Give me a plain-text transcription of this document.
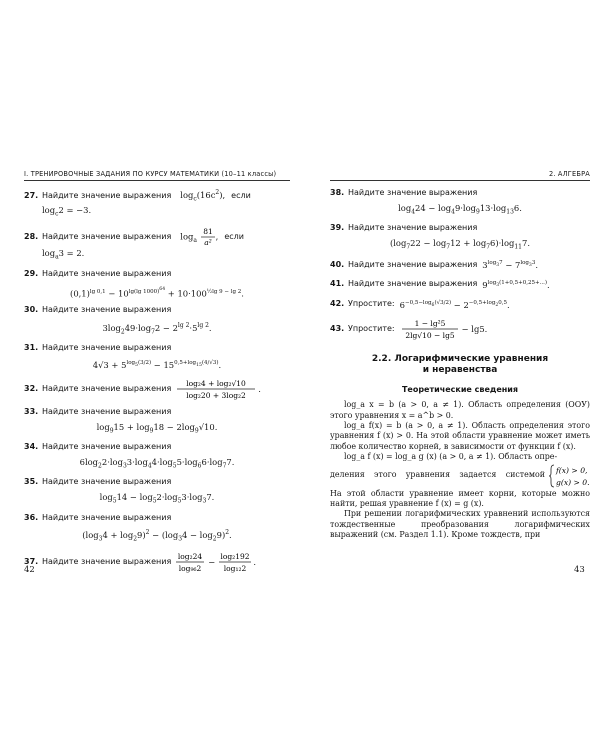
I. ТРЕНИРОВОЧНЫЕ ЗАДАНИЯ ПО КУРСУ МАТЕМАТИКИ (10–11 классы)
27. Найдите значение выражения $\log_c(16c^2)$, если
$\log_c2 = -3$.
28. Найдите значение выражения $\log_a$
81
a²
, если
$\log_a3 = 2$.
29. Найдите значение выражения
$(0,1)^{lg 0,1} - 10^{lg(lg 1000)^{64}} + 10\cdot 100^{\frac{1}{2}lg 9 - lg 2}$.
30. Найдите значение выражения
$3\log_249\cdot\log_72 - 2^{lg 2}\cdot 5^{lg 2}$.
31. Найдите значение выражения
$4√3 + 5^{log_5(3/2)} - 15^{0,5+log_{15}(4/√3)}$.
32. Найдите значение выражения
log₂4 + log₂√10
log₂20 + 3log₂2
.
33. Найдите значение выражения
$\log_915 + \log_918 - 2\log_9√10$.
34. Найдите значение выражения
$6\log_22\cdot\log_33\cdot\log_44\cdot\log_55\cdot\log_66\cdot\log_77$.
35. Найдите значение выражения
$\log_514 - \log_52\cdot\log_53\cdot\log_37$.
36. Найдите значение выражения
$(\log_34 + \log_29)^2 - (\log_34 - \log_29)^2$.
37. Найдите значение выражения
log₂24
log₉₆2
−
log₂192
log₁₂2
.
2. АЛГЕБРА
38. Найдите значение выражения
$\log_424 - \log_49\cdot\log_913\cdot\log_{13}6$.
39. Найдите значение выражения
$(\log_722 - \log_712 + \log_76)\cdot\log_{11}7$.
40. Найдите значение выражения $3^{log_37} - 7^{log_33}$.
41. Найдите значение выражения $9^{log_3(1+0,5+0,25+...)}$.
42. Упростите: $6^{-0,5-log_6(√3/2)} - 2^{-0,5+log_20,5}$.
43. Упростите:
1 − lg²5
2lg√10 − lg5
− lg5.
2.2. Логарифмические уравнения
и неравенства
Теоретические сведения

log_a x = b (a > 0, a ≠ 1). Область определения (ООУ) этого уравнения x = a^b > 0.

log_a f(x) = b (a > 0, a ≠ 1). Область определения этого уравнения f (x) > 0. На этой области уравнение может иметь любое количество корней, в зависимости от функции f (x).

log_a f (x) = log_a g (x) (a > 0, a ≠ 1). Область опре-

деления этого уравнения задается системой
f(x) > 0,
g(x) > 0.

На этой области уравнение имеет корни, которые можно найти, решая уравнение f (x) = g (x).

При решении логарифмических уравнений используются тождественные преобразования логарифмических выражений (см. Раздел 1.1). Кроме тождеств, при

42	43
